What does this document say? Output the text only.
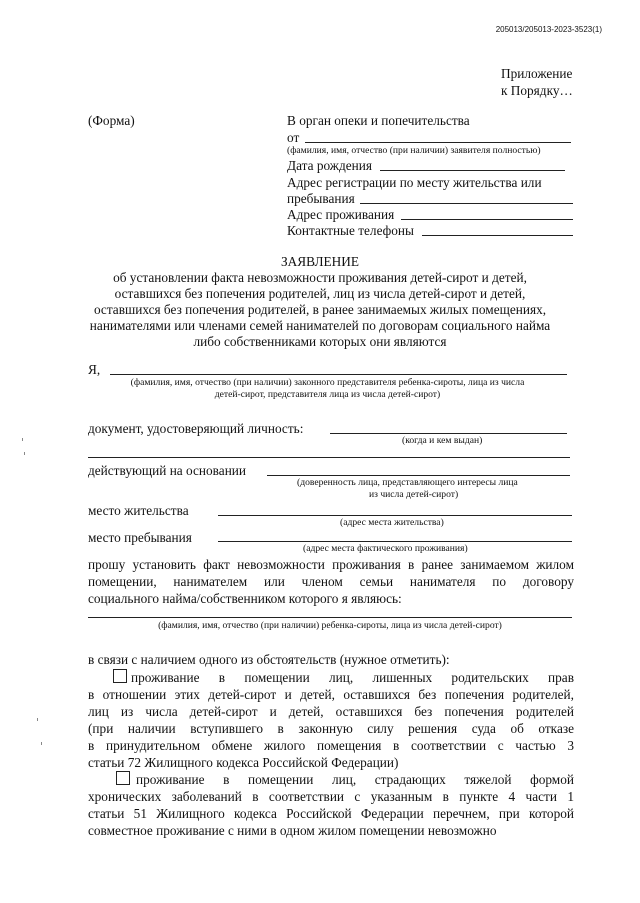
205013/205013-2023-3523(1)
Приложение
к Порядку…
(Форма)	В орган опеки и попечительства
от
(фамилия, имя, отчество (при наличии) заявителя полностью)
Дата рождения
Адрес регистрации по месту жительства или
пребывания
Адрес проживания
Контактные телефоны
ЗАЯВЛЕНИЕ
об установлении факта невозможности проживания детей-сирот и детей,
оставшихся без попечения родителей, лиц из числа детей-сирот и детей,
оставшихся без попечения родителей, в ранее занимаемых жилых помещениях,
нанимателями или членами семей нанимателей по договорам социального найма
либо собственниками которых они являются
Я,
(фамилия, имя, отчество (при наличии) законного представителя ребенка-сироты, лица из числа
детей-сирот, представителя лица из числа детей-сирот)
документ, удостоверяющий личность:
(когда и кем выдан)
действующий на основании
(доверенность лица, представляющего интересы лица
из числа детей-сирот)
место жительства
(адрес места жительства)
место пребывания
(адрес места фактического проживания)
прошу установить факт невозможности проживания в ранее занимаемом жилом
помещении, нанимателем или членом семьи нанимателя по договору
социального найма/собственником которого я являюсь:
(фамилия, имя, отчество (при наличии) ребенка-сироты, лица из числа детей-сирот)
в связи с наличием одного из обстоятельств (нужное отметить):
проживание в помещении лиц, лишенных родительских прав
в отношении этих детей-сирот и детей, оставшихся без попечения родителей,
лиц из числа детей-сирот и детей, оставшихся без попечения родителей
(при наличии вступившего в законную силу решения суда об отказе
в принудительном обмене жилого помещения в соответствии с частью 3
статьи 72 Жилищного кодекса Российской Федерации)
проживание в помещении лиц, страдающих тяжелой формой
хронических заболеваний в соответствии с указанным в пункте 4 части 1
статьи 51 Жилищного кодекса Российской Федерации перечнем, при которой
совместное проживание с ними в одном жилом помещении невозможно
